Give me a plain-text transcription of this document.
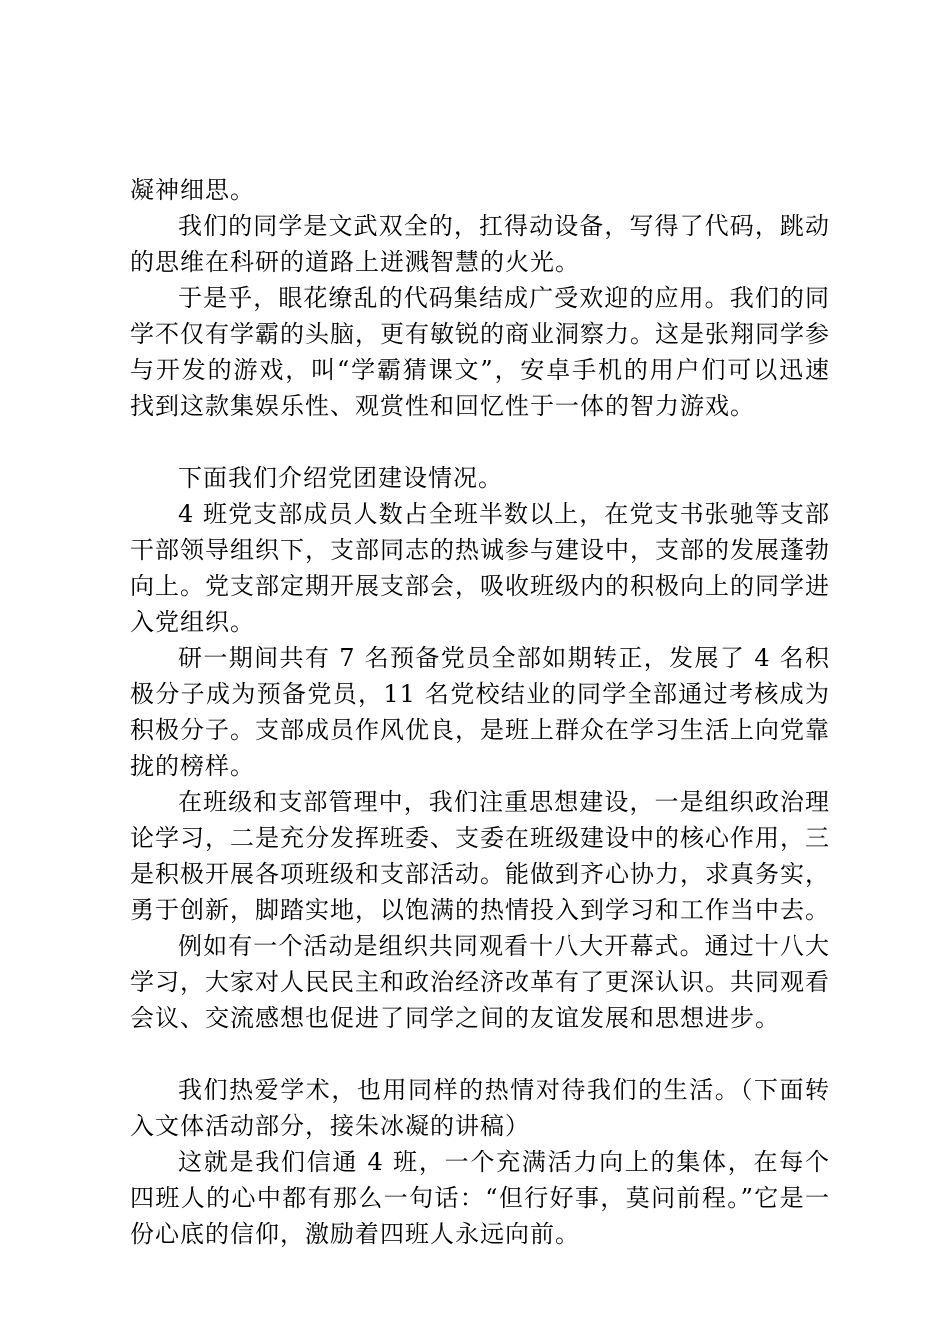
凝神细思。

我们的同学是文武双全的，扛得动设备，写得了代码，跳动的思维在科研的道路上迸溅智慧的火光。

于是乎，眼花缭乱的代码集结成广受欢迎的应用。我们的同学不仅有学霸的头脑，更有敏锐的商业洞察力。这是张翔同学参与开发的游戏，叫“学霸猜课文”，安卓手机的用户们可以迅速找到这款集娱乐性、观赏性和回忆性于一体的智力游戏。

下面我们介绍党团建设情况。

4 班党支部成员人数占全班半数以上，在党支书张驰等支部干部领导组织下，支部同志的热诚参与建设中，支部的发展蓬勃向上。党支部定期开展支部会，吸收班级内的积极向上的同学进入党组织。

研一期间共有 7 名预备党员全部如期转正，发展了 4 名积极分子成为预备党员，11 名党校结业的同学全部通过考核成为积极分子。支部成员作风优良，是班上群众在学习生活上向党靠拢的榜样。

在班级和支部管理中，我们注重思想建设，一是组织政治理论学习，二是充分发挥班委、支委在班级建设中的核心作用，三是积极开展各项班级和支部活动。能做到齐心协力，求真务实，勇于创新，脚踏实地，以饱满的热情投入到学习和工作当中去。

例如有一个活动是组织共同观看十八大开幕式。通过十八大学习，大家对人民民主和政治经济改革有了更深认识。共同观看会议、交流感想也促进了同学之间的友谊发展和思想进步。

我们热爱学术，也用同样的热情对待我们的生活。（下面转入文体活动部分，接朱冰凝的讲稿）

这就是我们信通 4 班，一个充满活力向上的集体，在每个四班人的心中都有那么一句话：“但行好事，莫问前程。”它是一份心底的信仰，激励着四班人永远向前。
